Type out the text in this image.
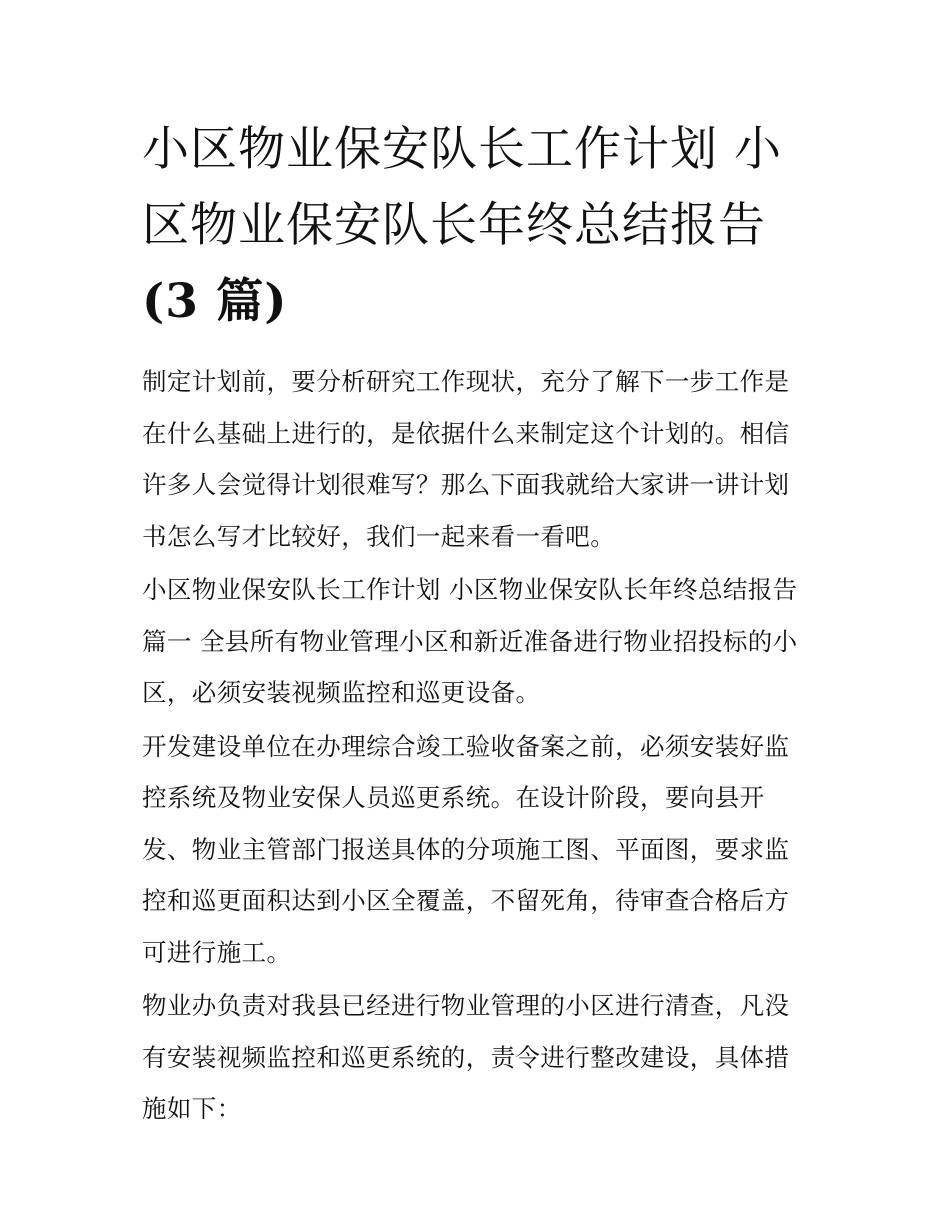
小区物业保安队长工作计划 小
区物业保安队长年终总结报告
(3 篇)

制定计划前，要分析研究工作现状，充分了解下一步工作是在什么基础上进行的，是依据什么来制定这个计划的。相信许多人会觉得计划很难写？那么下面我就给大家讲一讲计划书怎么写才比较好，我们一起来看一看吧。

小区物业保安队长工作计划 小区物业保安队长年终总结报告篇一 全县所有物业管理小区和新近准备进行物业招投标的小区，必须安装视频监控和巡更设备。

开发建设单位在办理综合竣工验收备案之前，必须安装好监控系统及物业安保人员巡更系统。在设计阶段，要向县开发、物业主管部门报送具体的分项施工图、平面图，要求监控和巡更面积达到小区全覆盖，不留死角，待审查合格后方可进行施工。

物业办负责对我县已经进行物业管理的小区进行清查，凡没有安装视频监控和巡更系统的，责令进行整改建设，具体措施如下：
